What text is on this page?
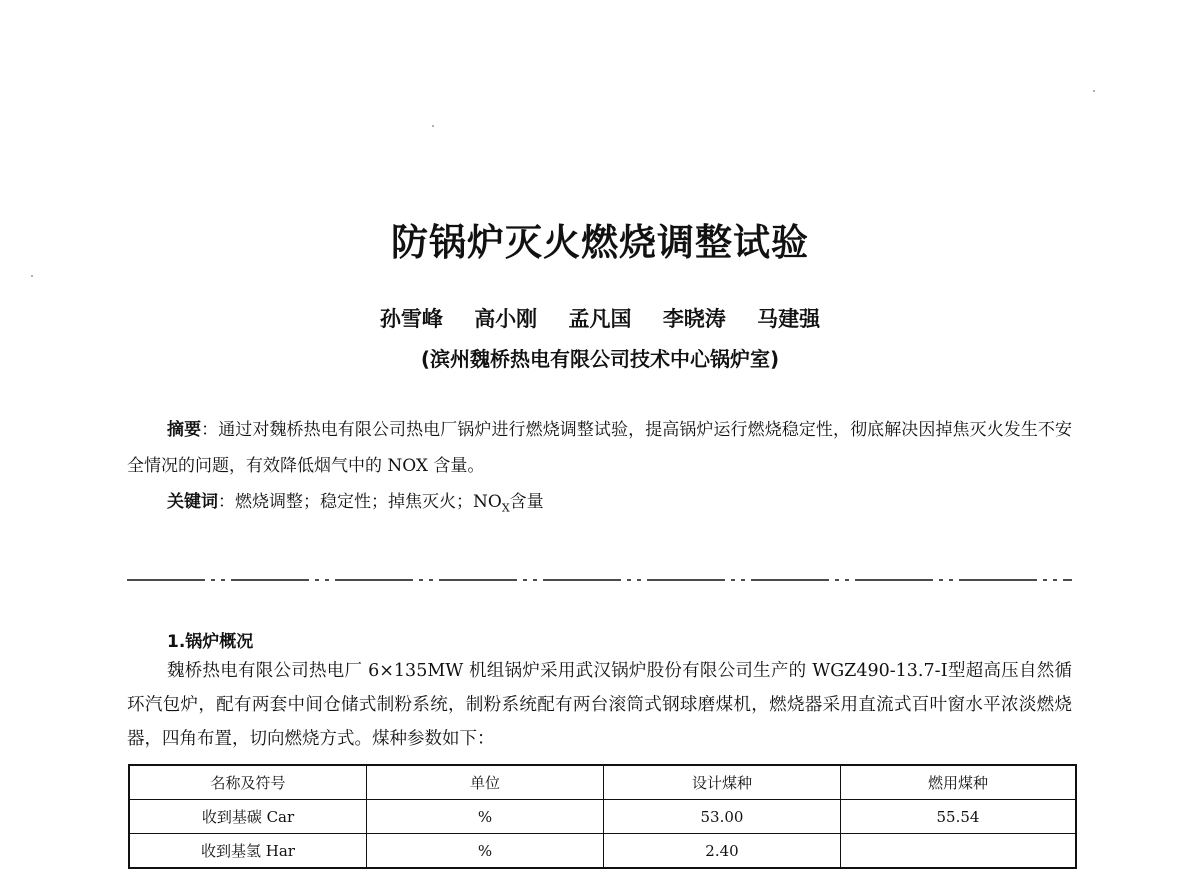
防锅炉灭火燃烧调整试验
孙雪峰 高小刚 孟凡国 李晓涛 马建强
(滨州魏桥热电有限公司技术中心锅炉室)

摘要：通过对魏桥热电有限公司热电厂锅炉进行燃烧调整试验，提高锅炉运行燃烧稳定性，彻底解决因掉焦灭火发生不安全情况的问题，有效降低烟气中的 NOX 含量。

关键词：燃烧调整；稳定性；掉焦灭火；$NO_X$含量

1.锅炉概况

魏桥热电有限公司热电厂 6×135MW 机组锅炉采用武汉锅炉股份有限公司生产的 WGZ490-13.7-Ⅰ型超高压自然循环汽包炉，配有两套中间仓储式制粉系统，制粉系统配有两台滚筒式钢球磨煤机，燃烧器采用直流式百叶窗水平浓淡燃烧器，四角布置，切向燃烧方式。煤种参数如下：

名称及符号	单位	设计煤种	燃用煤种
收到基碳 Car	%	53.00	55.54
收到基氢 Har	%	2.40	
